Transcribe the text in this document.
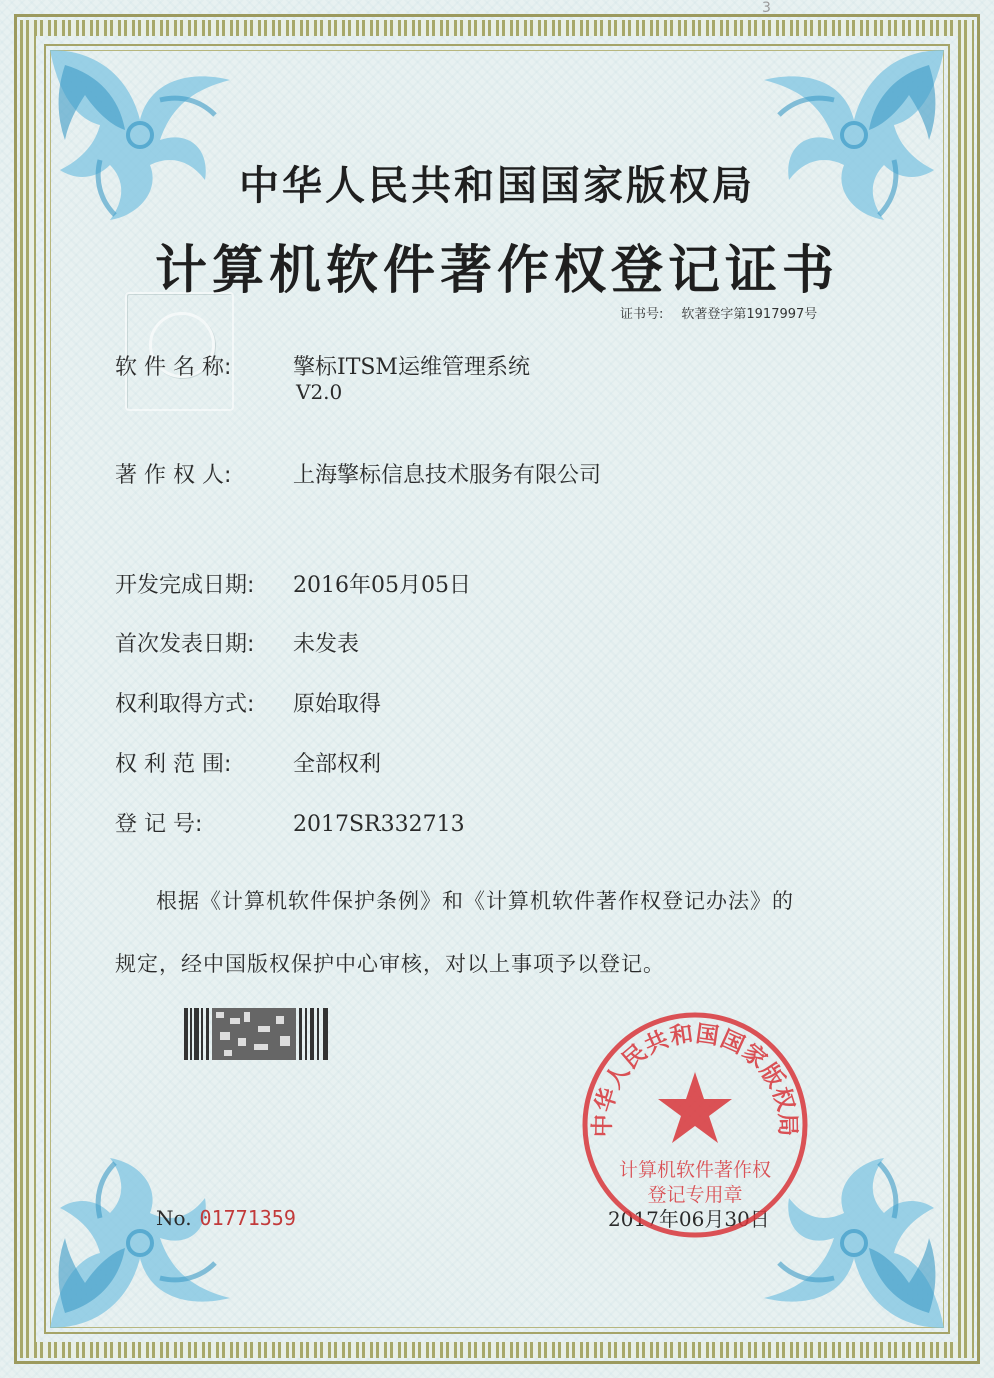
3
中华人民共和国国家版权局
计算机软件著作权登记证书
证书号: 软著登字第1917997号
软 件 名 称:	擎标ITSM运维管理系统
V2.0
著 作 权 人:	上海擎标信息技术服务有限公司
开发完成日期: 2016年05月05日
首次发表日期: 未发表
权利取得方式: 原始取得
权 利 范 围:	全部权利
登 记 号:	2017SR332713
根据《计算机软件保护条例》和《计算机软件著作权登记办法》的
规定，经中国版权保护中心审核，对以上事项予以登记。
No. 01771359	2017年06月30日
中华人民共和国国家版权局
计算机软件著作权
登记专用章
